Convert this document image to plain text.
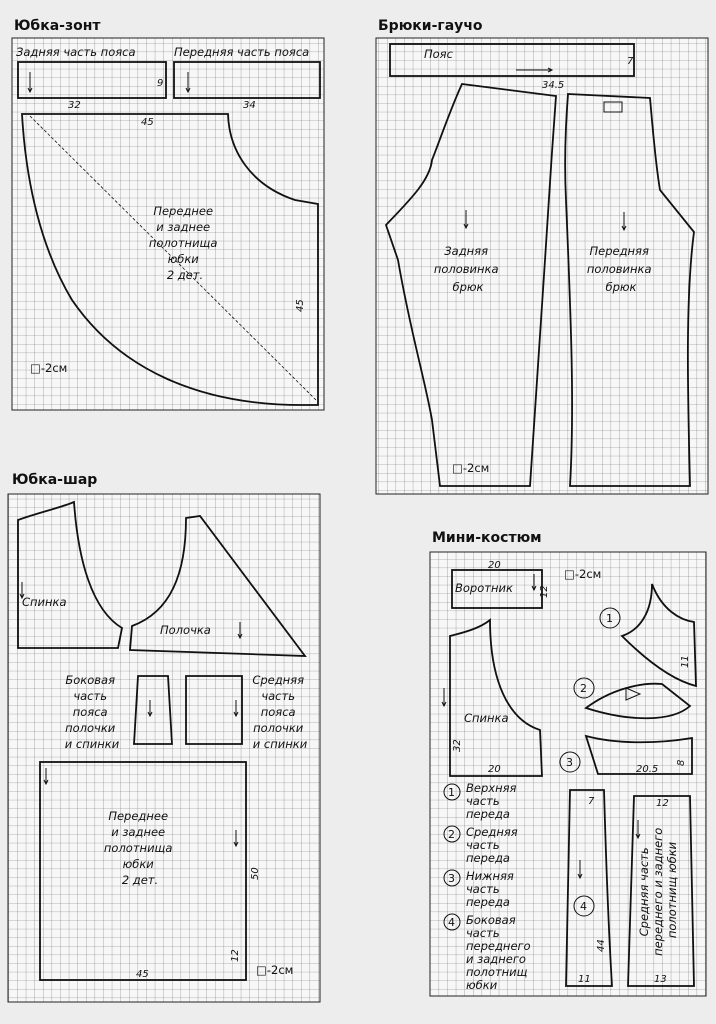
Юбка-зонт
Задняя часть пояса	Передняя часть пояса
9
32	34
45
45
Переднее и заднее полотнища юбки 2 дет.
□-2см
Брюки-гаучо
Пояс
7
34.5
Задняя половинка брюк
□-2см
Передняя половинка брюк
Юбка-шар
Спинка
Полочка
Боковая часть пояса полочки и спинки
Средняя часть пояса полочки и спинки
Переднее и заднее полотнища юбки 2 дет.	50
12
45	□-2см
Мини-костюм
20
Воротник	12
□-2см
Спинка
32
20
1
11
2
3
20.5
8
1
2
3
4
Верхняя часть переда
Средняя часть переда
Нижняя часть переда
Боковая часть переднего и заднего полотнищ юбки
7
4
44
11
12
13
Средняя часть переднего и заднего полотнищ юбки
